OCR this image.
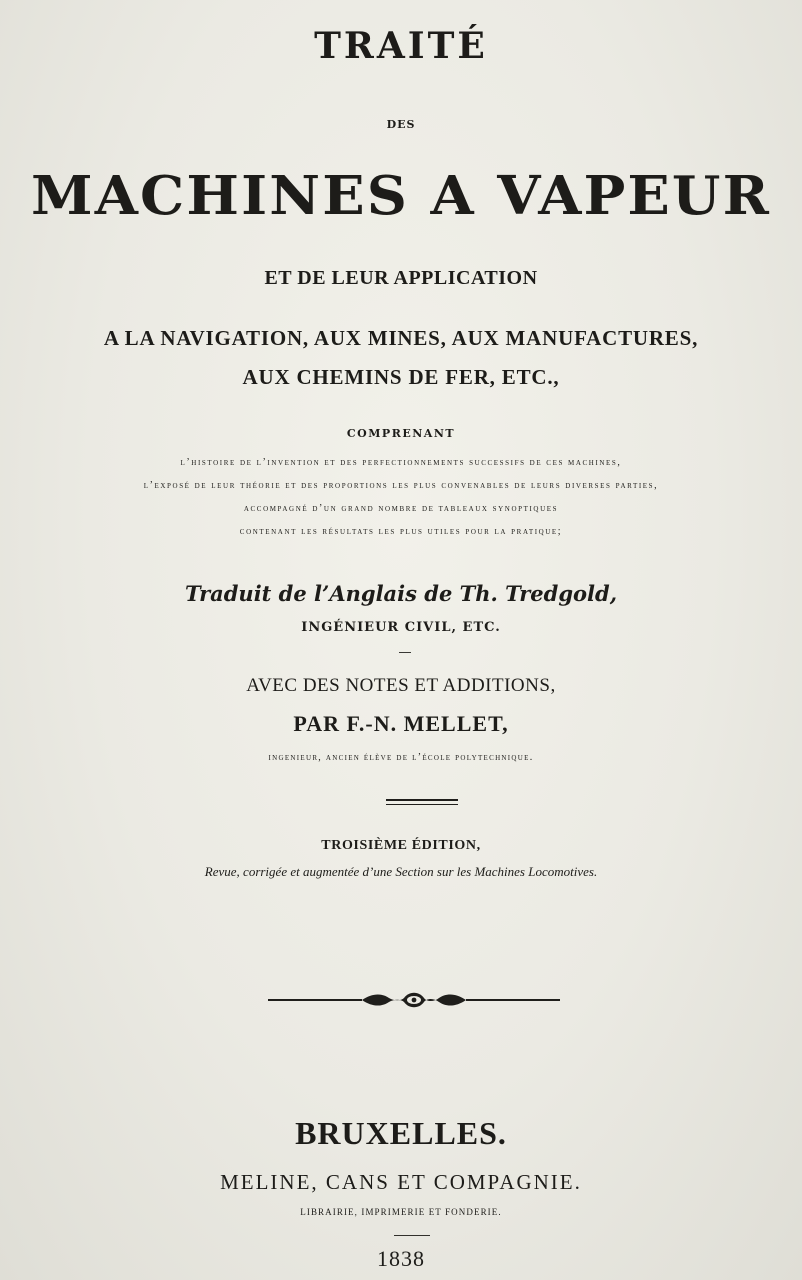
TRAITÉ
DES
MACHINES A VAPEUR
ET DE LEUR APPLICATION
A LA NAVIGATION, AUX MINES, AUX MANUFACTURES,
AUX CHEMINS DE FER, ETC.,
COMPRENANT
l’histoire de l’invention et des perfectionnements successifs de ces machines,
l’exposé de leur théorie et des proportions les plus convenables de leurs diverses parties,
accompagné d’un grand nombre de tableaux synoptiques
contenant les résultats les plus utiles pour la pratique;
Traduit de l’Anglais de Th. Tredgold,
INGÉNIEUR CIVIL, ETC.
AVEC DES NOTES ET ADDITIONS,
PAR F.-N. MELLET,
ingenieur, ancien élève de l’école polytechnique.
TROISIÈME ÉDITION,
Revue, corrigée et augmentée d’une Section sur les Machines Locomotives.
BRUXELLES.
MELINE, CANS ET COMPAGNIE.
LIBRAIRIE, IMPRIMERIE ET FONDERIE.
1838
